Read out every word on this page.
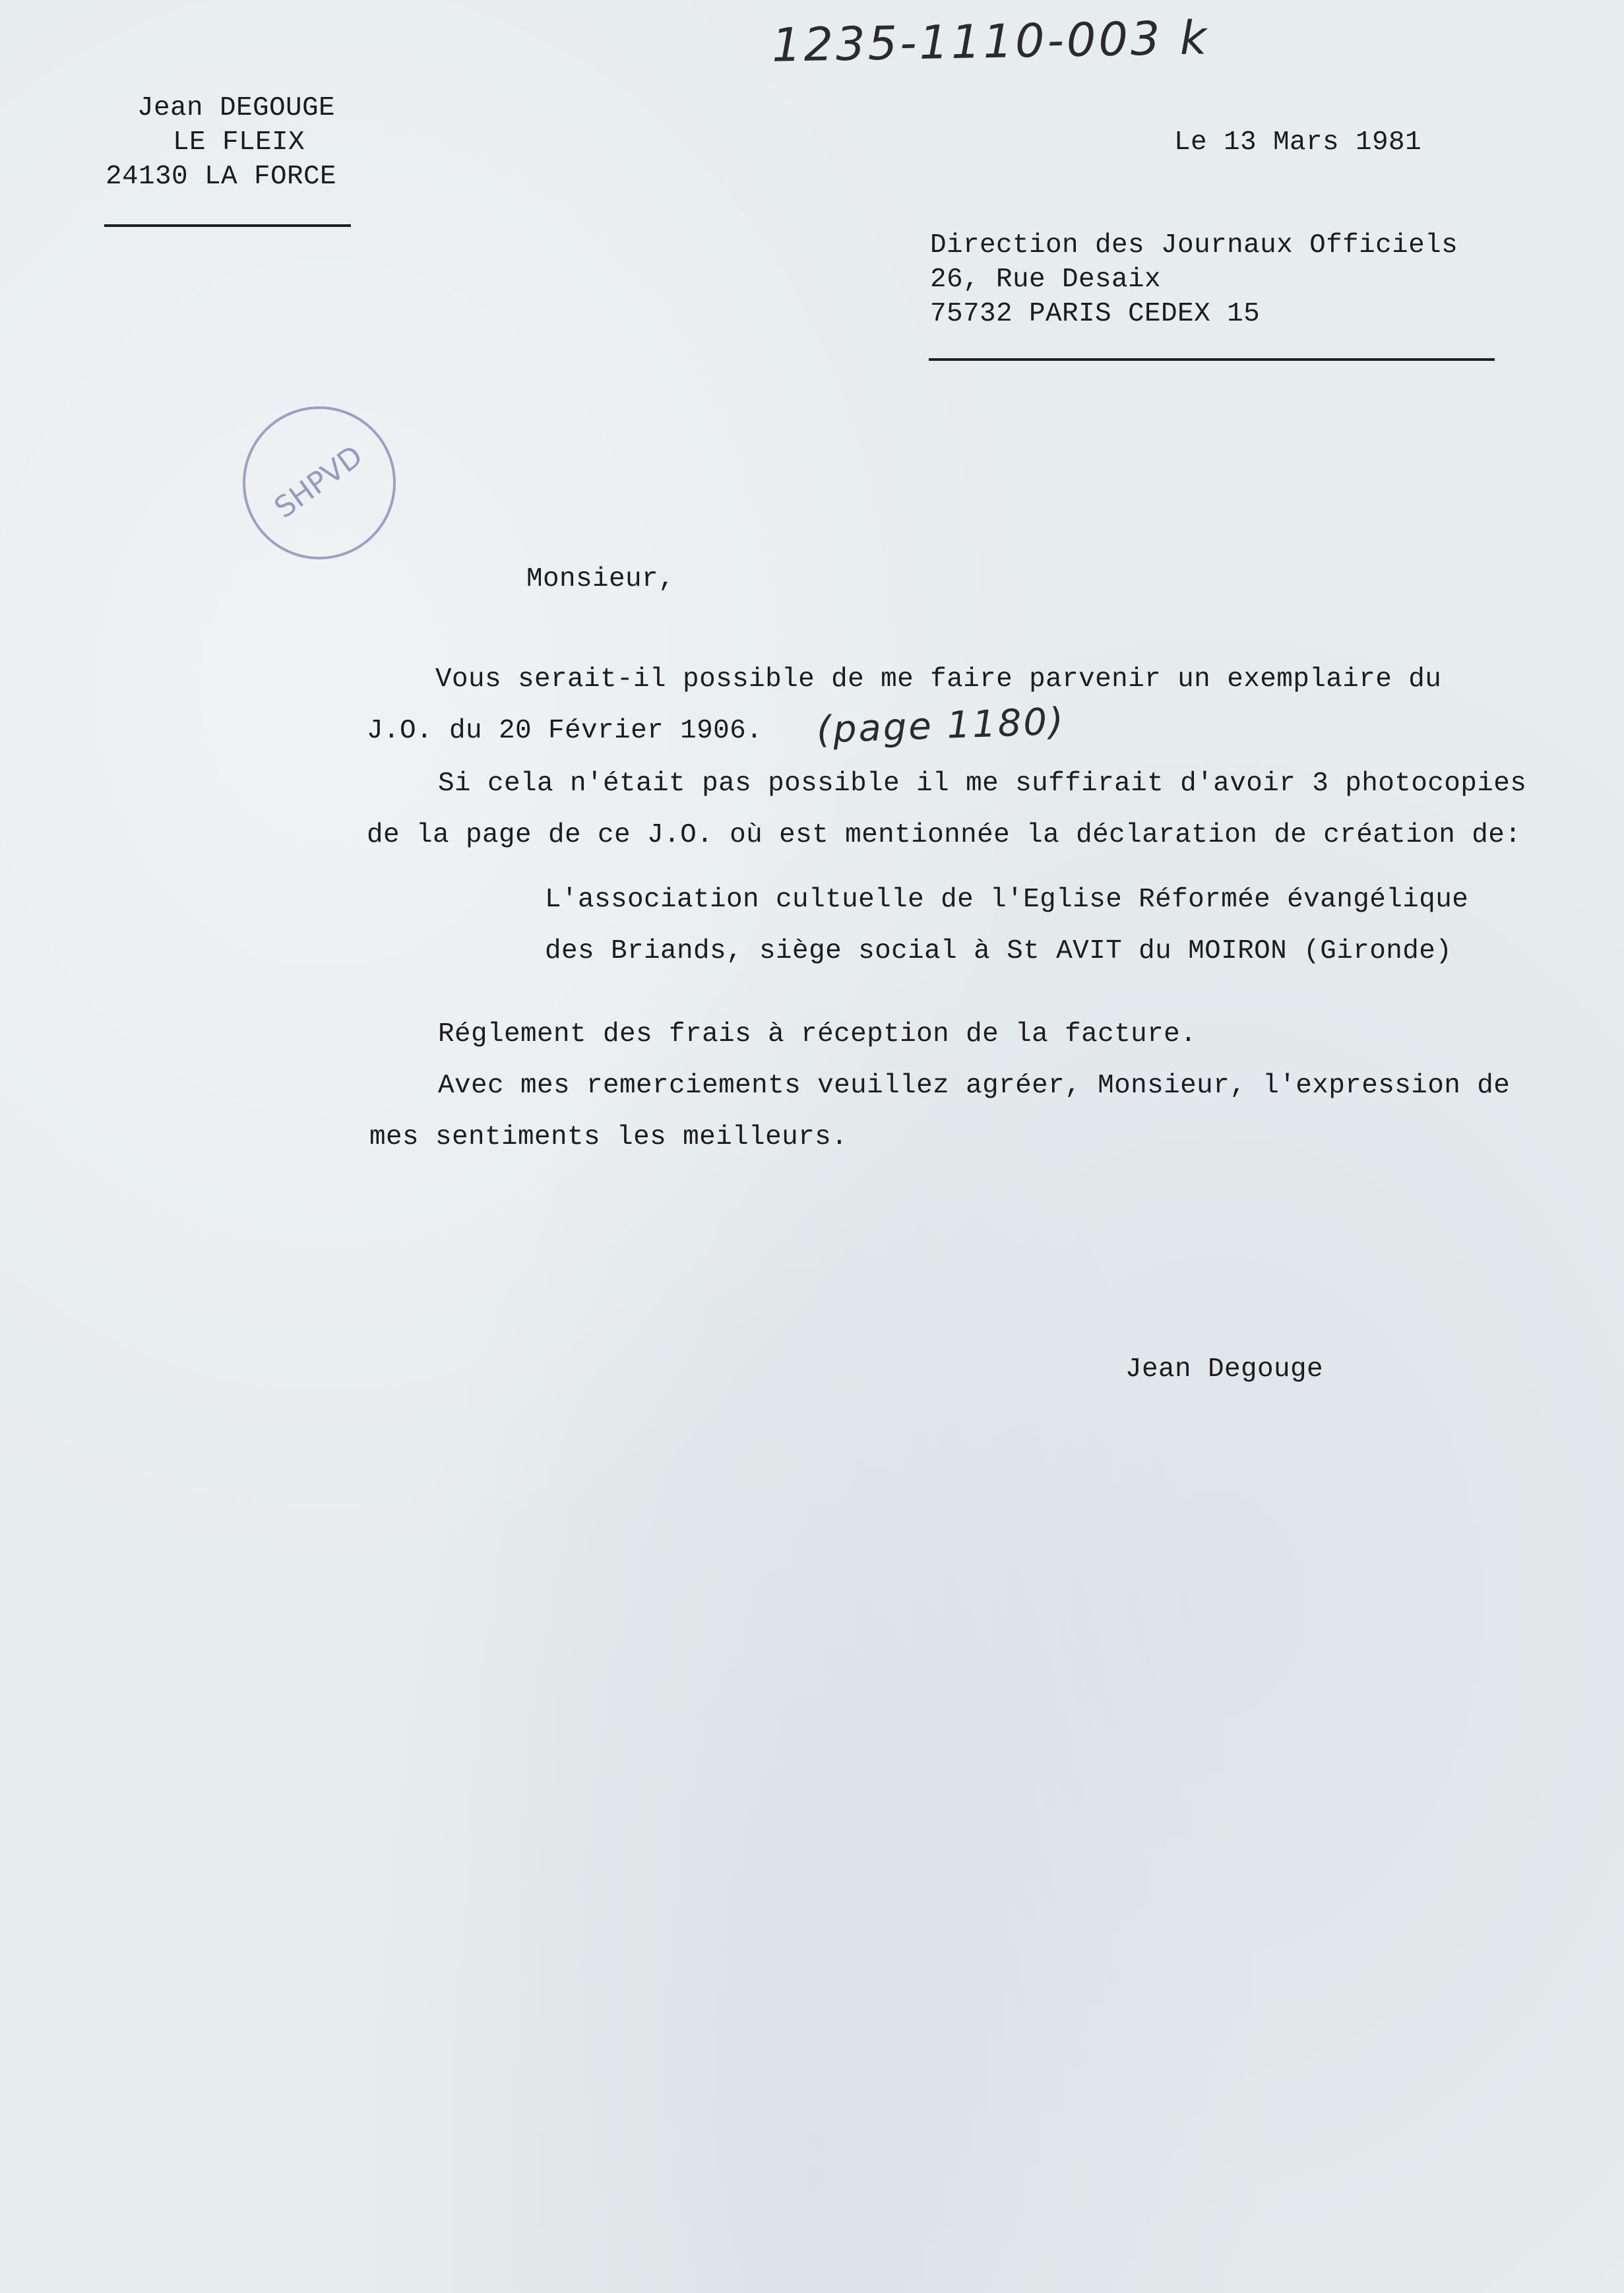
1235-1110-003 k
Jean DEGOUGE
LE FLEIX
24130 LA FORCE
Le 13 Mars 1981
Direction des Journaux Officiels
26, Rue Desaix
75732 PARIS CEDEX 15
SHPVD
Monsieur,
Vous serait-il possible de me faire parvenir un exemplaire du
J.O. du 20 Février 1906. (page 1180)
Si cela n'était pas possible il me suffirait d'avoir 3 photocopies
de la page de ce J.O. où est mentionnée la déclaration de création de:
L'association cultuelle de l'Eglise Réformée évangélique
des Briands, siège social à St AVIT du MOIRON (Gironde)
Réglement des frais à réception de la facture.
Avec mes remerciements veuillez agréer, Monsieur, l'expression de
mes sentiments les meilleurs.
Jean Degouge
